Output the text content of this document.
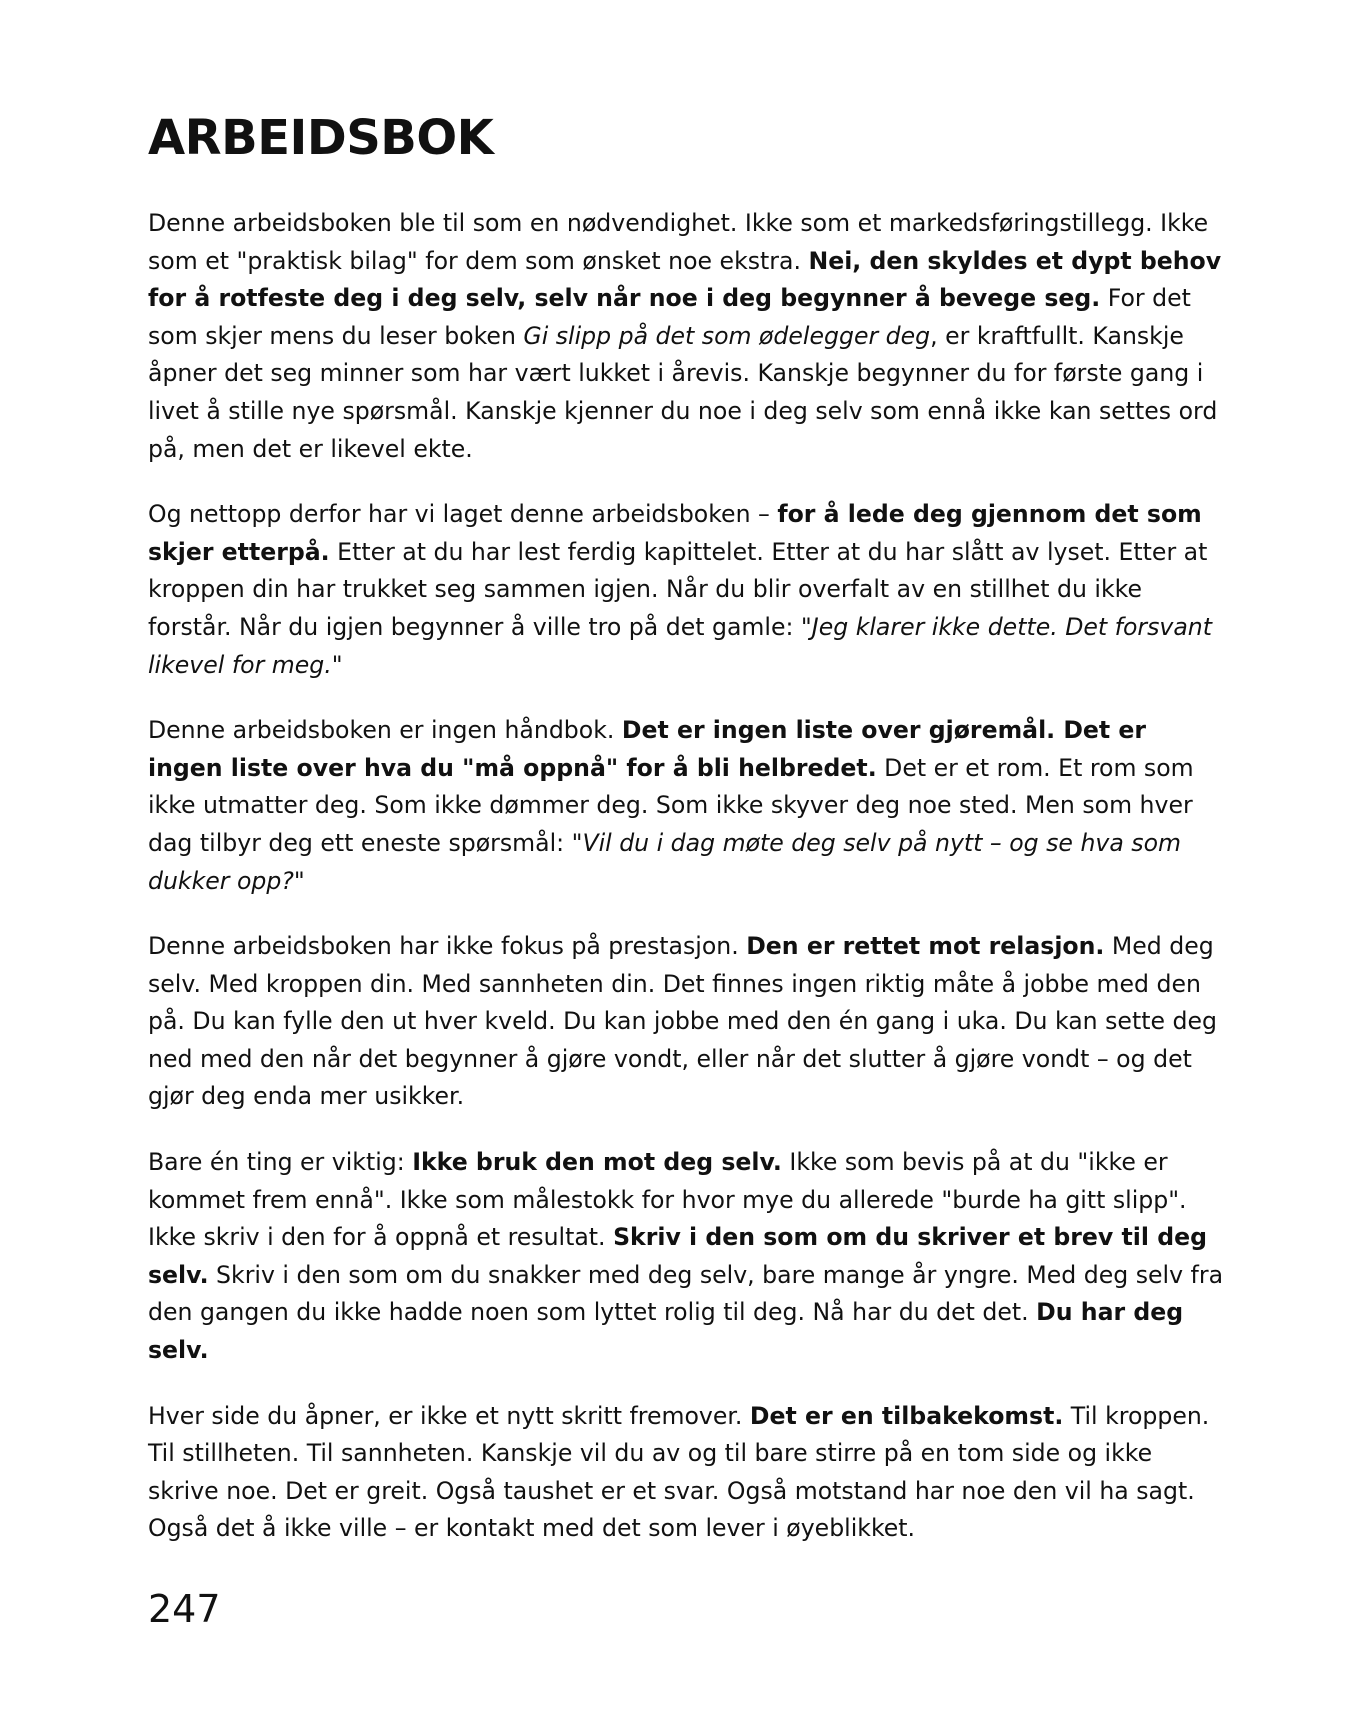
ARBEIDSBOK

Denne arbeidsboken ble til som en nødvendighet. Ikke som et markedsføringstillegg. Ikke som et "praktisk bilag" for dem som ønsket noe ekstra. Nei, den skyldes et dypt behov for å rotfeste deg i deg selv, selv når noe i deg begynner å bevege seg. For det som skjer mens du leser boken Gi slipp på det som ødelegger deg, er kraftfullt. Kanskje åpner det seg minner som har vært lukket i årevis. Kanskje begynner du for første gang i livet å stille nye spørsmål. Kanskje kjenner du noe i deg selv som ennå ikke kan settes ord på, men det er likevel ekte.

Og nettopp derfor har vi laget denne arbeidsboken – for å lede deg gjennom det som skjer etterpå. Etter at du har lest ferdig kapittelet. Etter at du har slått av lyset. Etter at kroppen din har trukket seg sammen igjen. Når du blir overfalt av en stillhet du ikke forstår. Når du igjen begynner å ville tro på det gamle: "Jeg klarer ikke dette. Det forsvant likevel for meg."

Denne arbeidsboken er ingen håndbok. Det er ingen liste over gjøremål. Det er ingen liste over hva du "må oppnå" for å bli helbredet. Det er et rom. Et rom som ikke utmatter deg. Som ikke dømmer deg. Som ikke skyver deg noe sted. Men som hver dag tilbyr deg ett eneste spørsmål: "Vil du i dag møte deg selv på nytt – og se hva som dukker opp?"

Denne arbeidsboken har ikke fokus på prestasjon. Den er rettet mot relasjon. Med deg selv. Med kroppen din. Med sannheten din. Det finnes ingen riktig måte å jobbe med den på. Du kan fylle den ut hver kveld. Du kan jobbe med den én gang i uka. Du kan sette deg ned med den når det begynner å gjøre vondt, eller når det slutter å gjøre vondt – og det gjør deg enda mer usikker.

Bare én ting er viktig: Ikke bruk den mot deg selv. Ikke som bevis på at du "ikke er kommet frem ennå". Ikke som målestokk for hvor mye du allerede "burde ha gitt slipp". Ikke skriv i den for å oppnå et resultat. Skriv i den som om du skriver et brev til deg selv. Skriv i den som om du snakker med deg selv, bare mange år yngre. Med deg selv fra den gangen du ikke hadde noen som lyttet rolig til deg. Nå har du det det. Du har deg selv.

Hver side du åpner, er ikke et nytt skritt fremover. Det er en tilbakekomst. Til kroppen. Til stillheten. Til sannheten. Kanskje vil du av og til bare stirre på en tom side og ikke skrive noe. Det er greit. Også taushet er et svar. Også motstand har noe den vil ha sagt. Også det å ikke ville – er kontakt med det som lever i øyeblikket.

247
